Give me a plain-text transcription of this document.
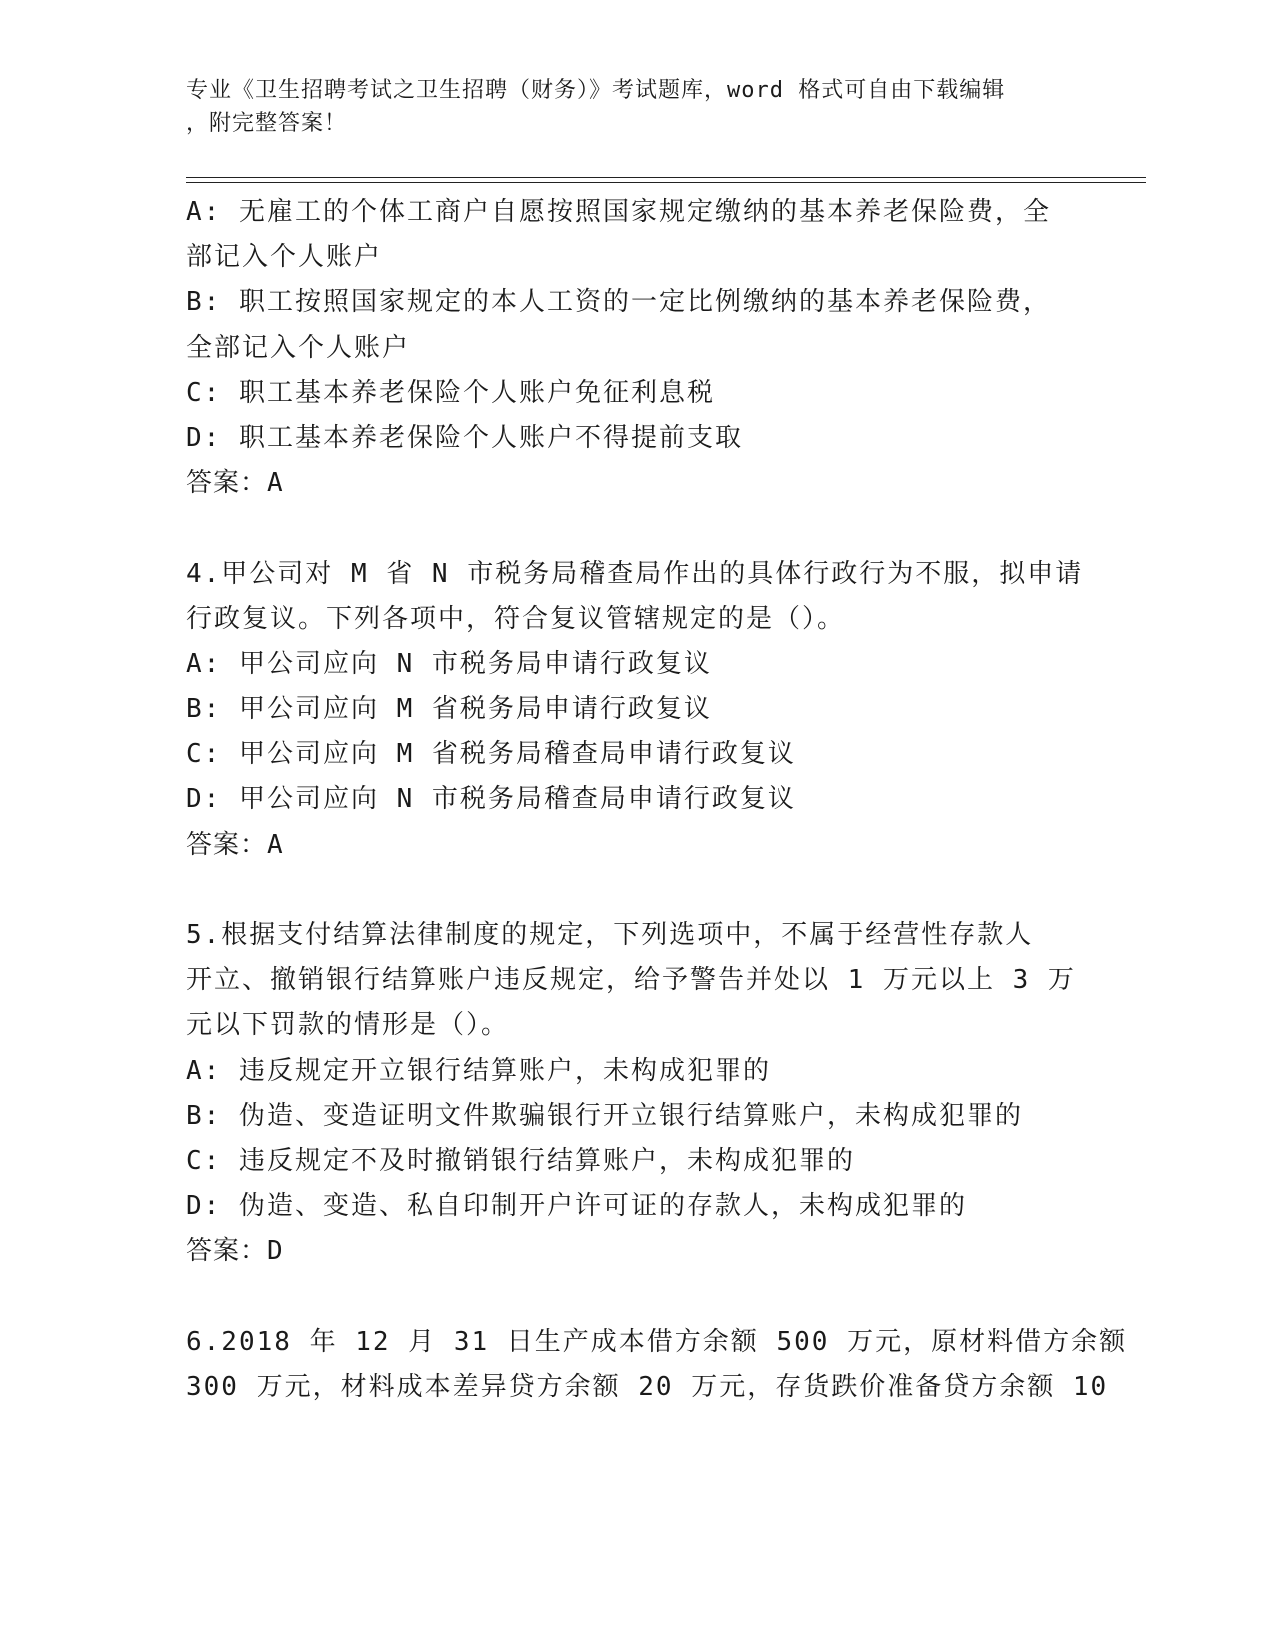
专业《卫生招聘考试之卫生招聘（财务）》考试题库，word 格式可自由下载编辑
，附完整答案！
A: 无雇工的个体工商户自愿按照国家规定缴纳的基本养老保险费，全
部记入个人账户
B: 职工按照国家规定的本人工资的一定比例缴纳的基本养老保险费，
全部记入个人账户
C: 职工基本养老保险个人账户免征利息税
D: 职工基本养老保险个人账户不得提前支取
答案：A
4.甲公司对 M 省 N 市税务局稽查局作出的具体行政行为不服，拟申请
行政复议。下列各项中，符合复议管辖规定的是（）。
A: 甲公司应向 N 市税务局申请行政复议
B: 甲公司应向 M 省税务局申请行政复议
C: 甲公司应向 M 省税务局稽查局申请行政复议
D: 甲公司应向 N 市税务局稽查局申请行政复议
答案：A
5.根据支付结算法律制度的规定，下列选项中，不属于经营性存款人
开立、撤销银行结算账户违反规定，给予警告并处以 1 万元以上 3 万
元以下罚款的情形是（）。
A: 违反规定开立银行结算账户，未构成犯罪的
B: 伪造、变造证明文件欺骗银行开立银行结算账户，未构成犯罪的
C: 违反规定不及时撤销银行结算账户，未构成犯罪的
D: 伪造、变造、私自印制开户许可证的存款人，未构成犯罪的
答案：D
6.2018 年 12 月 31 日生产成本借方余额 500 万元，原材料借方余额
300 万元，材料成本差异贷方余额 20 万元，存货跌价准备贷方余额 10
